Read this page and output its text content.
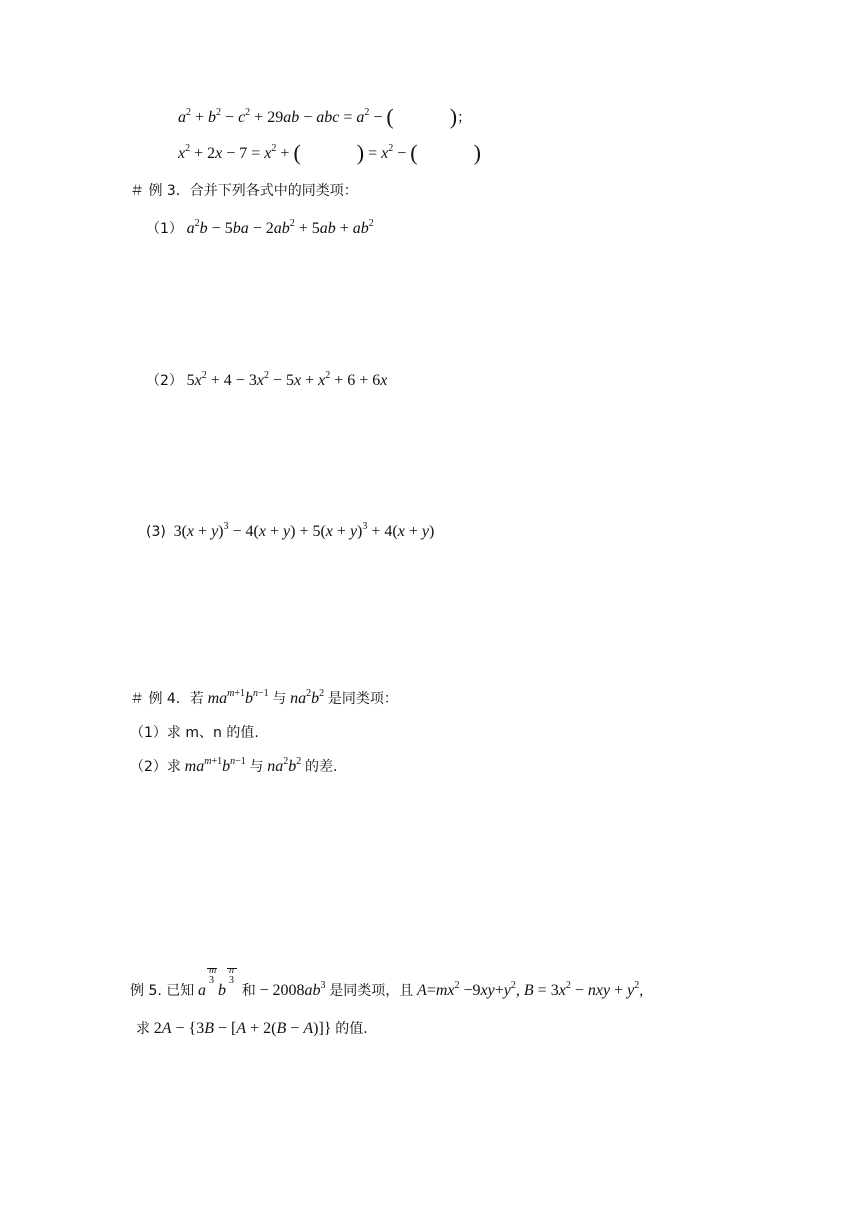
$a^2 + b^2 - c^2 + 29ab$ − abc = $a^2$ − (	)；
$x^2 + 2x - 7 = x^2$ + (	) = $x^2$ − (	)
＃ 例 3．合并下列各式中的同类项：
（1） $a^2b - 5ba - 2ab^2 + 5ab + ab^2$
（2） $5x^2 + 4 - 3x^2 - 5x + x^2 + 6 + 6x$
(3)  $3(x + y)^3 - 4(x + y) + 5(x + y)^3 + 4(x + y)$
＃ 例 4．若 $ma^{m+1}b^{n-1}$ 与 $na^2b^2$ 是同类项：
（1）求 m、n 的值.
（2）求 $ma^{m+1}b^{n-1}$ 与 $na^2b^2$ 的差.
例 5. 已知 a
m
3
b
n
3
和 − $2008ab^3$ 是同类项，且 $A=mx^2 -9xy+y^2$, $B = 3x^2$ − nxy + $y^2$,
求 2A − {3B − [A + 2(B − A)]} 的值.
